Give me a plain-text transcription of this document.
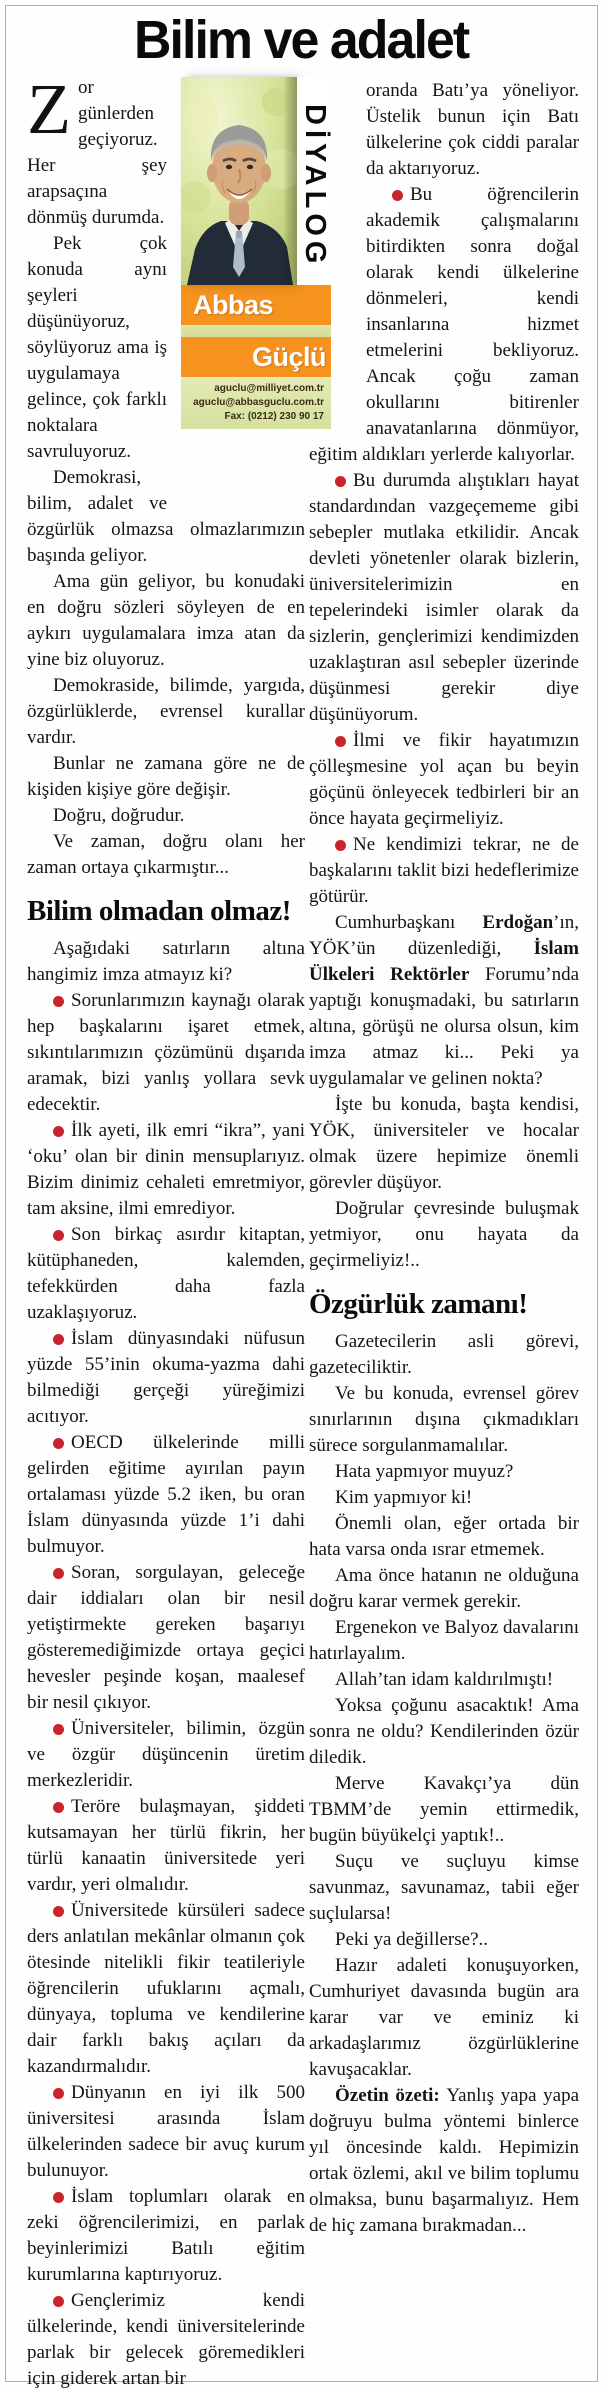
Bilim ve adalet
DİYALOG
Abbas
Güçlü
aguclu@milliyet.com.tr
aguclu@abbasguclu.com.tr
Fax: (0212) 230 90 17

Zor günlerden geçiyoruz. Her şey arapsaçına dönmüş durumda.

Pek çok konuda aynı şeyleri düşünüyoruz, söylüyoruz ama iş uygulamaya gelince, çok farklı noktalara savruluyoruz.

Demokrasi, bilim, adalet ve özgürlük olmazsa olmazlarımızın başında geliyor.

Ama gün geliyor, bu konudaki en doğru sözleri söyleyen de en aykırı uygulamalara imza atan da yine biz oluyoruz.

Demokraside, bilimde, yargıda, özgürlüklerde, evrensel kurallar vardır.

Bunlar ne zamana göre ne de kişiden kişiye göre değişir.

Doğru, doğrudur.

Ve zaman, doğru olanı her zaman ortaya çıkarmıştır...

Bilim olmadan olmaz!

Aşağıdaki satırların altına hangimiz imza atmayız ki?

Sorunlarımızın kaynağı olarak hep başkalarını işaret etmek, sıkıntılarımızın çözümünü dışarıda aramak, bizi yanlış yollara sevk edecektir.

İlk ayeti, ilk emri “ikra”, yani ‘oku’ olan bir dinin mensuplarıyız. Bizim dinimiz cehaleti emretmiyor, tam aksine, ilmi emrediyor.

Son birkaç asırdır kitaptan, kütüphaneden, kalemden, tefekkürden daha fazla uzaklaşıyoruz.

İslam dünyasındaki nüfusun yüzde 55’inin okuma-yazma dahi bilmediği gerçeği yüreğimizi acıtıyor.

OECD ülkelerinde milli gelirden eğitime ayırılan payın ortalaması yüzde 5.2 iken, bu oran İslam dünyasında yüzde 1’i dahi bulmuyor.

Soran, sorgulayan, geleceğe dair iddiaları olan bir nesil yetiştirmekte gereken başarıyı gösteremediğimizde ortaya geçici hevesler peşinde koşan, maalesef bir nesil çıkıyor.

Üniversiteler, bilimin, özgün ve özgür düşüncenin üretim merkezleridir.

Teröre bulaşmayan, şiddeti kutsamayan her türlü fikrin, her türlü kanaatin üniversitede yeri vardır, yeri olmalıdır.

Üniversitede kürsüleri sadece ders anlatılan mekânlar olmanın çok ötesinde nitelikli fikir teatileriyle öğrencilerin ufuklarını açmalı, dünyaya, topluma ve kendilerine dair farklı bakış açıları da kazandırmalıdır.

Dünyanın en iyi ilk 500 üniversitesi arasında İslam ülkelerinden sadece bir avuç kurum bulunuyor.

İslam toplumları olarak en zeki öğrencilerimizi, en parlak beyinlerimizi Batılı eğitim kurumlarına kaptırıyoruz.

Gençlerimiz kendi ülkelerinde, kendi üniversitelerinde parlak bir gelecek göremedikleri için giderek artan bir

oranda Batı’ya yöneliyor. Üstelik bunun için Batı ülkelerine çok ciddi paralar da aktarıyoruz.

Bu öğrencilerin akademik çalışmalarını bitirdikten sonra doğal olarak kendi ülkelerine dönmeleri, kendi insanlarına hizmet etmelerini bekliyoruz. Ancak çoğu zaman okullarını bitirenler anavatanlarına dönmüyor, eğitim aldıkları yerlerde kalıyorlar.

Bu durumda alıştıkları hayat standardından vazgeçememe gibi sebepler mutlaka etkilidir. Ancak devleti yönetenler olarak bizlerin, üniversitelerimizin en tepelerindeki isimler olarak da sizlerin, gençlerimizi kendimizden uzaklaştıran asıl sebepler üzerinde düşünmesi gerekir diye düşünüyorum.

İlmi ve fikir hayatımızın çölleşmesine yol açan bu beyin göçünü önleyecek tedbirleri bir an önce hayata geçirmeliyiz.

Ne kendimizi tekrar, ne de başkalarını taklit bizi hedeflerimize götürür.

Cumhurbaşkanı Erdoğan’ın, YÖK’ün düzenlediği, İslam Ülkeleri Rektörler Forumu’nda yaptığı konuşmadaki, bu satırların altına, görüşü ne olursa olsun, kim imza atmaz ki... Peki ya uygulamalar ve gelinen nokta?

İşte bu konuda, başta kendisi, YÖK, üniversiteler ve hocalar olmak üzere hepimize önemli görevler düşüyor.

Doğrular çevresinde buluşmak yetmiyor, onu hayata da geçirmeliyiz!..

Özgürlük zamanı!

Gazetecilerin asli görevi, gazeteciliktir.

Ve bu konuda, evrensel görev sınırlarının dışına çıkmadıkları sürece sorgulanmamalılar.

Hata yapmıyor muyuz?

Kim yapmıyor ki!

Önemli olan, eğer ortada bir hata varsa onda ısrar etmemek.

Ama önce hatanın ne olduğuna doğru karar vermek gerekir.

Ergenekon ve Balyoz davalarını hatırlayalım.

Allah’tan idam kaldırılmıştı!

Yoksa çoğunu asacaktık! Ama sonra ne oldu? Kendilerinden özür diledik.

Merve Kavakçı’ya dün TBMM’de yemin ettirmedik, bugün büyükelçi yaptık!..

Suçu ve suçluyu kimse savunmaz, savunamaz, tabii eğer suçlularsa!

Peki ya değillerse?..

Hazır adaleti konuşuyorken, Cumhuriyet davasında bugün ara karar var ve eminiz ki arkadaşlarımız özgürlüklerine kavuşacaklar.

Özetin özeti: Yanlış yapa yapa doğruyu bulma yöntemi binlerce yıl öncesinde kaldı. Hepimizin ortak özlemi, akıl ve bilim toplumu olmaksa, bunu başarmalıyız. Hem de hiç zamana bırakmadan...
